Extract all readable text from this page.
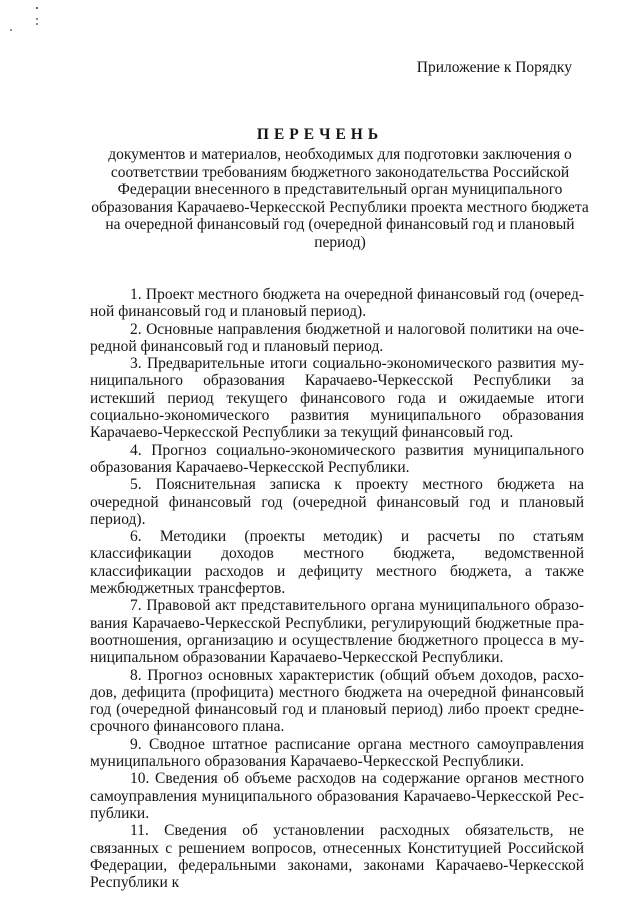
Приложение к Порядку
ПЕРЕЧЕНЬ
документов и материалов, необходимых для подготовки заключения о соответствии требованиям бюджетного законодательства Российской Федерации внесенного в представительный орган муниципального образования Карачаево-Черкесской Республики проекта местного бюджета на очередной финансовый год (очередной финансовый год и плановый период)

1. Проект местного бюджета на очередной финансовый год (очередной финансовый год и плановый период).

2. Основные направления бюджетной и налоговой политики на очередной финансовый год и плановый период.

3. Предварительные итоги социально-экономического развития муниципального образования Карачаево-Черкесской Республики за истекший период текущего финансового года и ожидаемые итоги социально-экономического развития муниципального образования Карачаево-Черкесской Республики за текущий финансовый год.

4. Прогноз социально-экономического развития муниципального образования Карачаево-Черкесской Республики.

5. Пояснительная записка к проекту местного бюджета на очередной финансовый год (очередной финансовый год и плановый период).

6. Методики (проекты методик) и расчеты по статьям классификации доходов местного бюджета, ведомственной классификации расходов и дефициту местного бюджета, а также межбюджетных трансфертов.

7. Правовой акт представительного органа муниципального образования Карачаево-Черкесской Республики, регулирующий бюджетные правоотношения, организацию и осуществление бюджетного процесса в муниципальном образовании Карачаево-Черкесской Республики.

8. Прогноз основных характеристик (общий объем доходов, расходов, дефицита (профицита) местного бюджета на очередной финансовый год (очередной финансовый год и плановый период) либо проект среднесрочного финансового плана.

9. Сводное штатное расписание органа местного самоуправления муниципального образования Карачаево-Черкесской Республики.

10. Сведения об объеме расходов на содержание органов местного самоуправления муниципального образования Карачаево-Черкесской Республики.

11. Сведения об установлении расходных обязательств, не связанных с решением вопросов, отнесенных Конституцией Российской Федерации, федеральными законами, законами Карачаево-Черкесской Республики к
